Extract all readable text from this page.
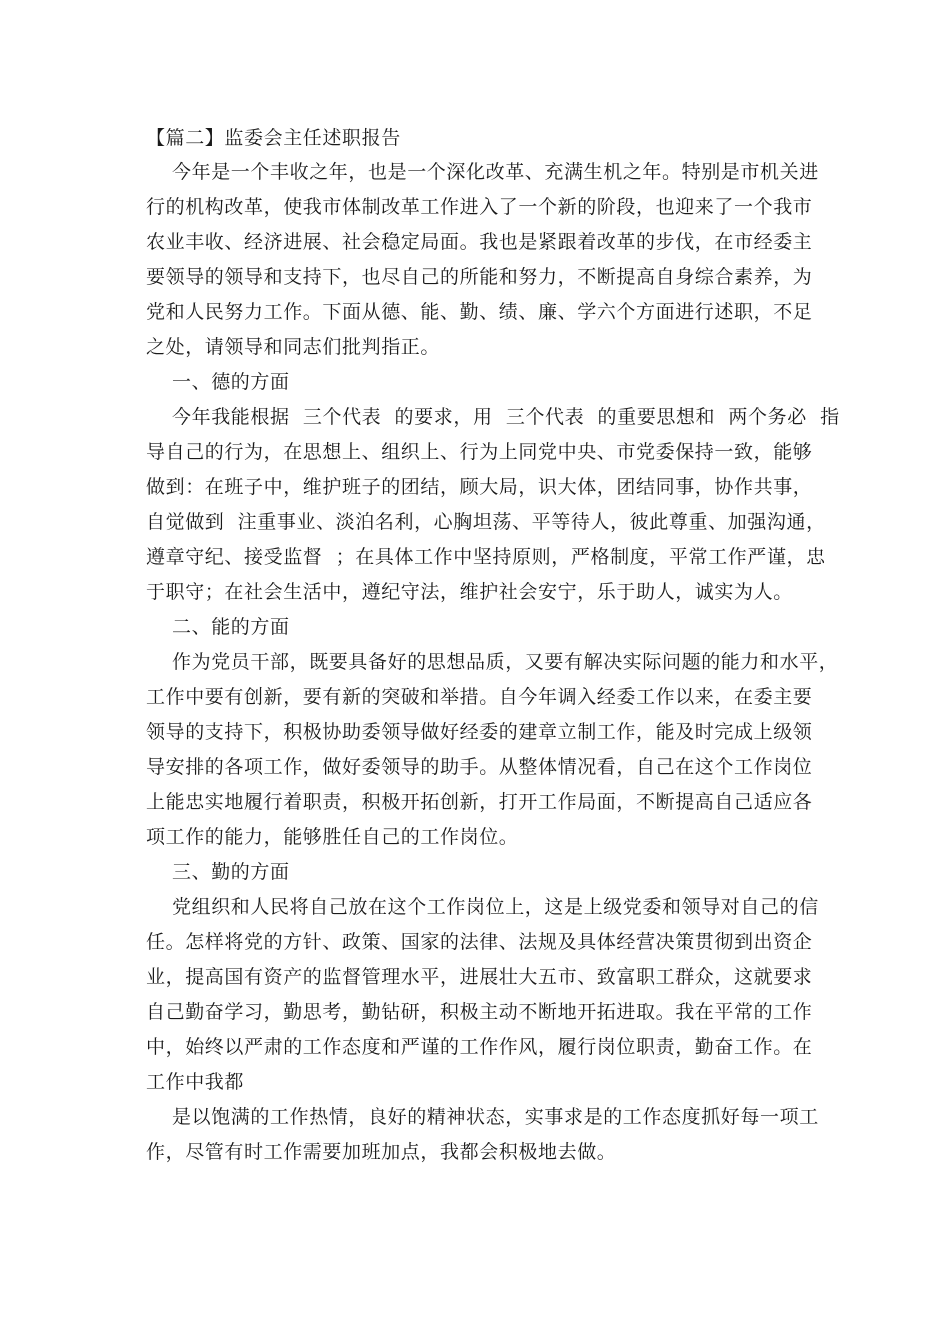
【篇二】监委会主任述职报告
今年是一个丰收之年，也是一个深化改革、充满生机之年。特别是市机关进
行的机构改革，使我市体制改革工作进入了一个新的阶段，也迎来了一个我市
农业丰收、经济进展、社会稳定局面。我也是紧跟着改革的步伐，在市经委主
要领导的领导和支持下，也尽自己的所能和努力，不断提高自身综合素养，为
党和人民努力工作。下面从德、能、勤、绩、廉、学六个方面进行述职，不足
之处，请领导和同志们批判指正。
一、德的方面
今年我能根据  三个代表  的要求，用  三个代表  的重要思想和  两个务必  指
导自己的行为，在思想上、组织上、行为上同党中央、市党委保持一致，能够
做到：在班子中，维护班子的团结，顾大局，识大体，团结同事，协作共事，
自觉做到  注重事业、淡泊名利，心胸坦荡、平等待人，彼此尊重、加强沟通，
遵章守纪、接受监督  ；在具体工作中坚持原则，严格制度，平常工作严谨，忠
于职守；在社会生活中，遵纪守法，维护社会安宁，乐于助人，诚实为人。
二、能的方面
作为党员干部，既要具备好的思想品质，又要有解决实际问题的能力和水平，
工作中要有创新，要有新的突破和举措。自今年调入经委工作以来，在委主要
领导的支持下，积极协助委领导做好经委的建章立制工作，能及时完成上级领
导安排的各项工作，做好委领导的助手。从整体情况看，自己在这个工作岗位
上能忠实地履行着职责，积极开拓创新，打开工作局面，不断提高自己适应各
项工作的能力，能够胜任自己的工作岗位。
三、勤的方面
党组织和人民将自己放在这个工作岗位上，这是上级党委和领导对自己的信
任。怎样将党的方针、政策、国家的法律、法规及具体经营决策贯彻到出资企
业，提高国有资产的监督管理水平，进展壮大五市、致富职工群众，这就要求
自己勤奋学习，勤思考，勤钻研，积极主动不断地开拓进取。我在平常的工作
中，始终以严肃的工作态度和严谨的工作作风，履行岗位职责，勤奋工作。在
工作中我都
是以饱满的工作热情，良好的精神状态，实事求是的工作态度抓好每一项工
作，尽管有时工作需要加班加点，我都会积极地去做。
